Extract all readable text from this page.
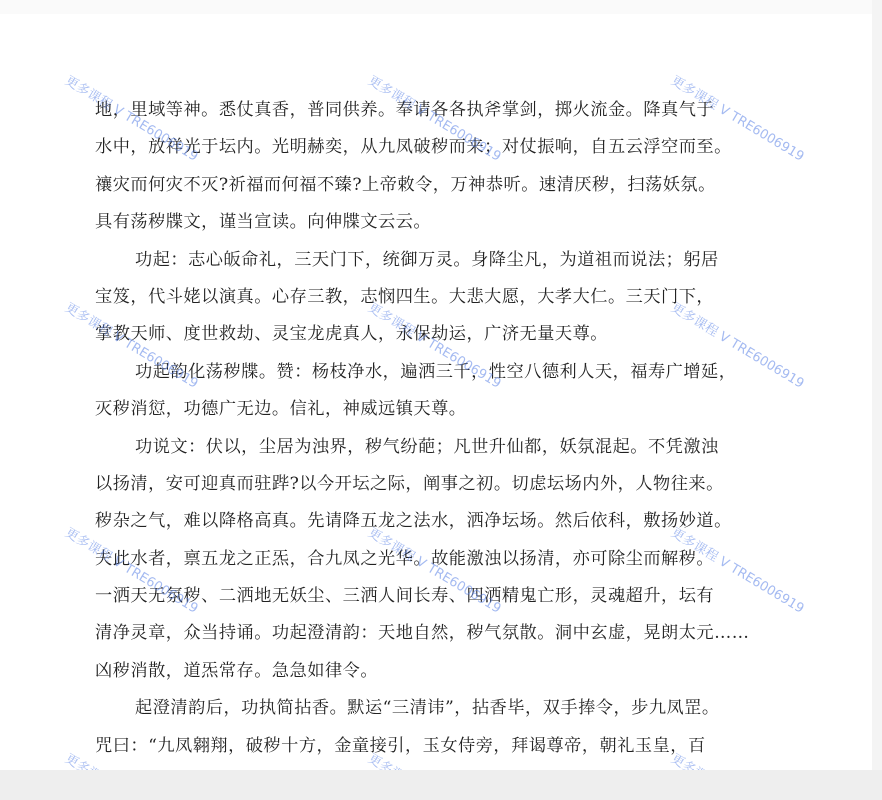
地，里域等神。悉仗真香，普同供养。奉请各各执斧掌剑，掷火流金。降真气于
水中，放祥光于坛内。光明赫奕，从九凤破秽而来；对仗振响，自五云浮空而至。
禳灾而何灾不灭?祈福而何福不臻?上帝敕令，万神恭听。速清厌秽，扫荡妖氛。
具有荡秽牒文，谨当宣读。向伸牒文云云。
功起：志心皈命礼，三天门下，统御万灵。身降尘凡，为道祖而说法；躬居
宝笈，代斗姥以演真。心存三教，志悯四生。大悲大愿，大孝大仁。三天门下，
掌教天师、度世救劫、灵宝龙虎真人，永保劫运，广济无量天尊。
功起韵化荡秽牒。赞：杨枝净水，遍洒三千，性空八德利人天，福寿广增延，
灭秽消愆，功德广无边。信礼，神威远镇天尊。
功说文：伏以，尘居为浊界，秽气纷葩；凡世升仙都，妖氛混起。不凭激浊
以扬清，安可迎真而驻跸?以今开坛之际，阐事之初。切虑坛场内外，人物往来。
秽杂之气，难以降格高真。先请降五龙之法水，洒净坛场。然后依科，敷扬妙道。
夫此水者，禀五龙之正炁，合九凤之光华。故能激浊以扬清，亦可除尘而解秽。
一洒天无氛秽、二洒地无妖尘、三洒人间长寿、四洒精鬼亡形，灵魂超升，坛有
清净灵章，众当持诵。功起澄清韵：天地自然，秽气氛散。洞中玄虚，晃朗太元……
凶秽消散，道炁常存。急急如律令。
起澄清韵后，功执简拈香。默运“三清讳”，拈香毕，双手捧令，步九凤罡。
咒曰：“九凤翱翔，破秽十方，金童接引，玉女侍旁，拜谒尊帝，朝礼玉皇，百
更多课程 V TRE6006919	更多课程 V TRE6006919	更多课程 V TRE6006919
更多课程 V TRE6006919	更多课程 V TRE6006919	更多课程 V TRE6006919
更多课程 V TRE6006919	更多课程 V TRE6006919	更多课程 V TRE6006919
